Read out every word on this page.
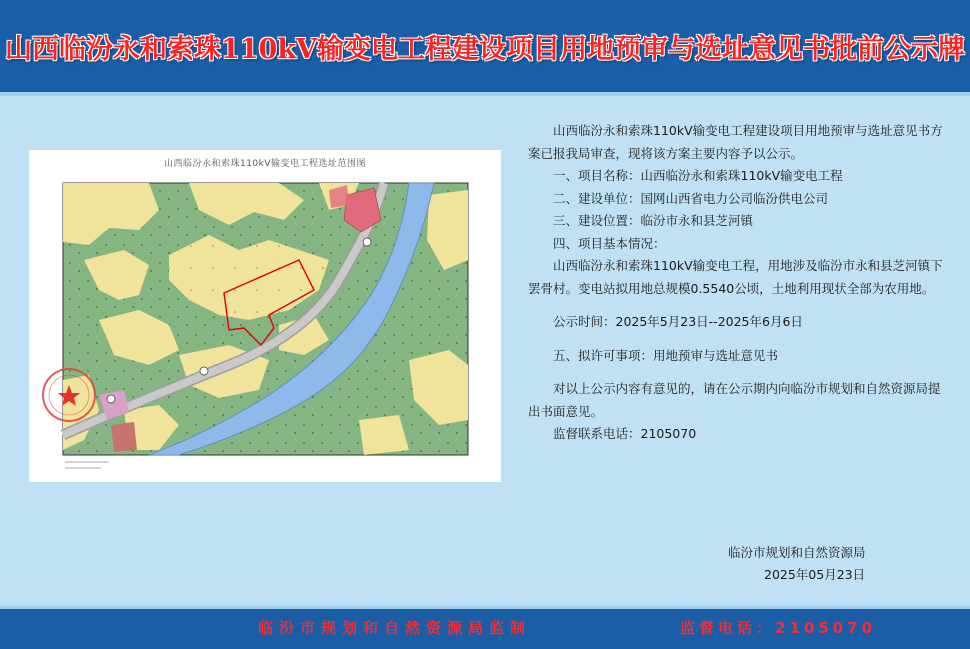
山西临汾永和索珠110kV输变电工程建设项目用地预审与选址意见书批前公示牌
山西临汾永和索珠110kV输变电工程选址范围图

山西临汾永和索珠110kV输变电工程建设项目用地预审与选址意见书方案已报我局审查，现将该方案主要内容予以公示。

一、项目名称：山西临汾永和索珠110kV输变电工程

二、建设单位：国网山西省电力公司临汾供电公司

三、建设位置：临汾市永和县芝河镇

四、项目基本情况：

山西临汾永和索珠110kV输变电工程，用地涉及临汾市永和县芝河镇下罢骨村。变电站拟用地总规模0.5540公顷，土地利用现状全部为农用地。

公示时间：2025年5月23日--2025年6月6日

五、拟许可事项：用地预审与选址意见书

对以上公示内容有意见的，请在公示期内向临汾市规划和自然资源局提出书面意见。

监督联系电话：2105070

临汾市规划和自然资源局
2025年05月23日
临汾市规划和自然资源局监制	监督电话：2105070
